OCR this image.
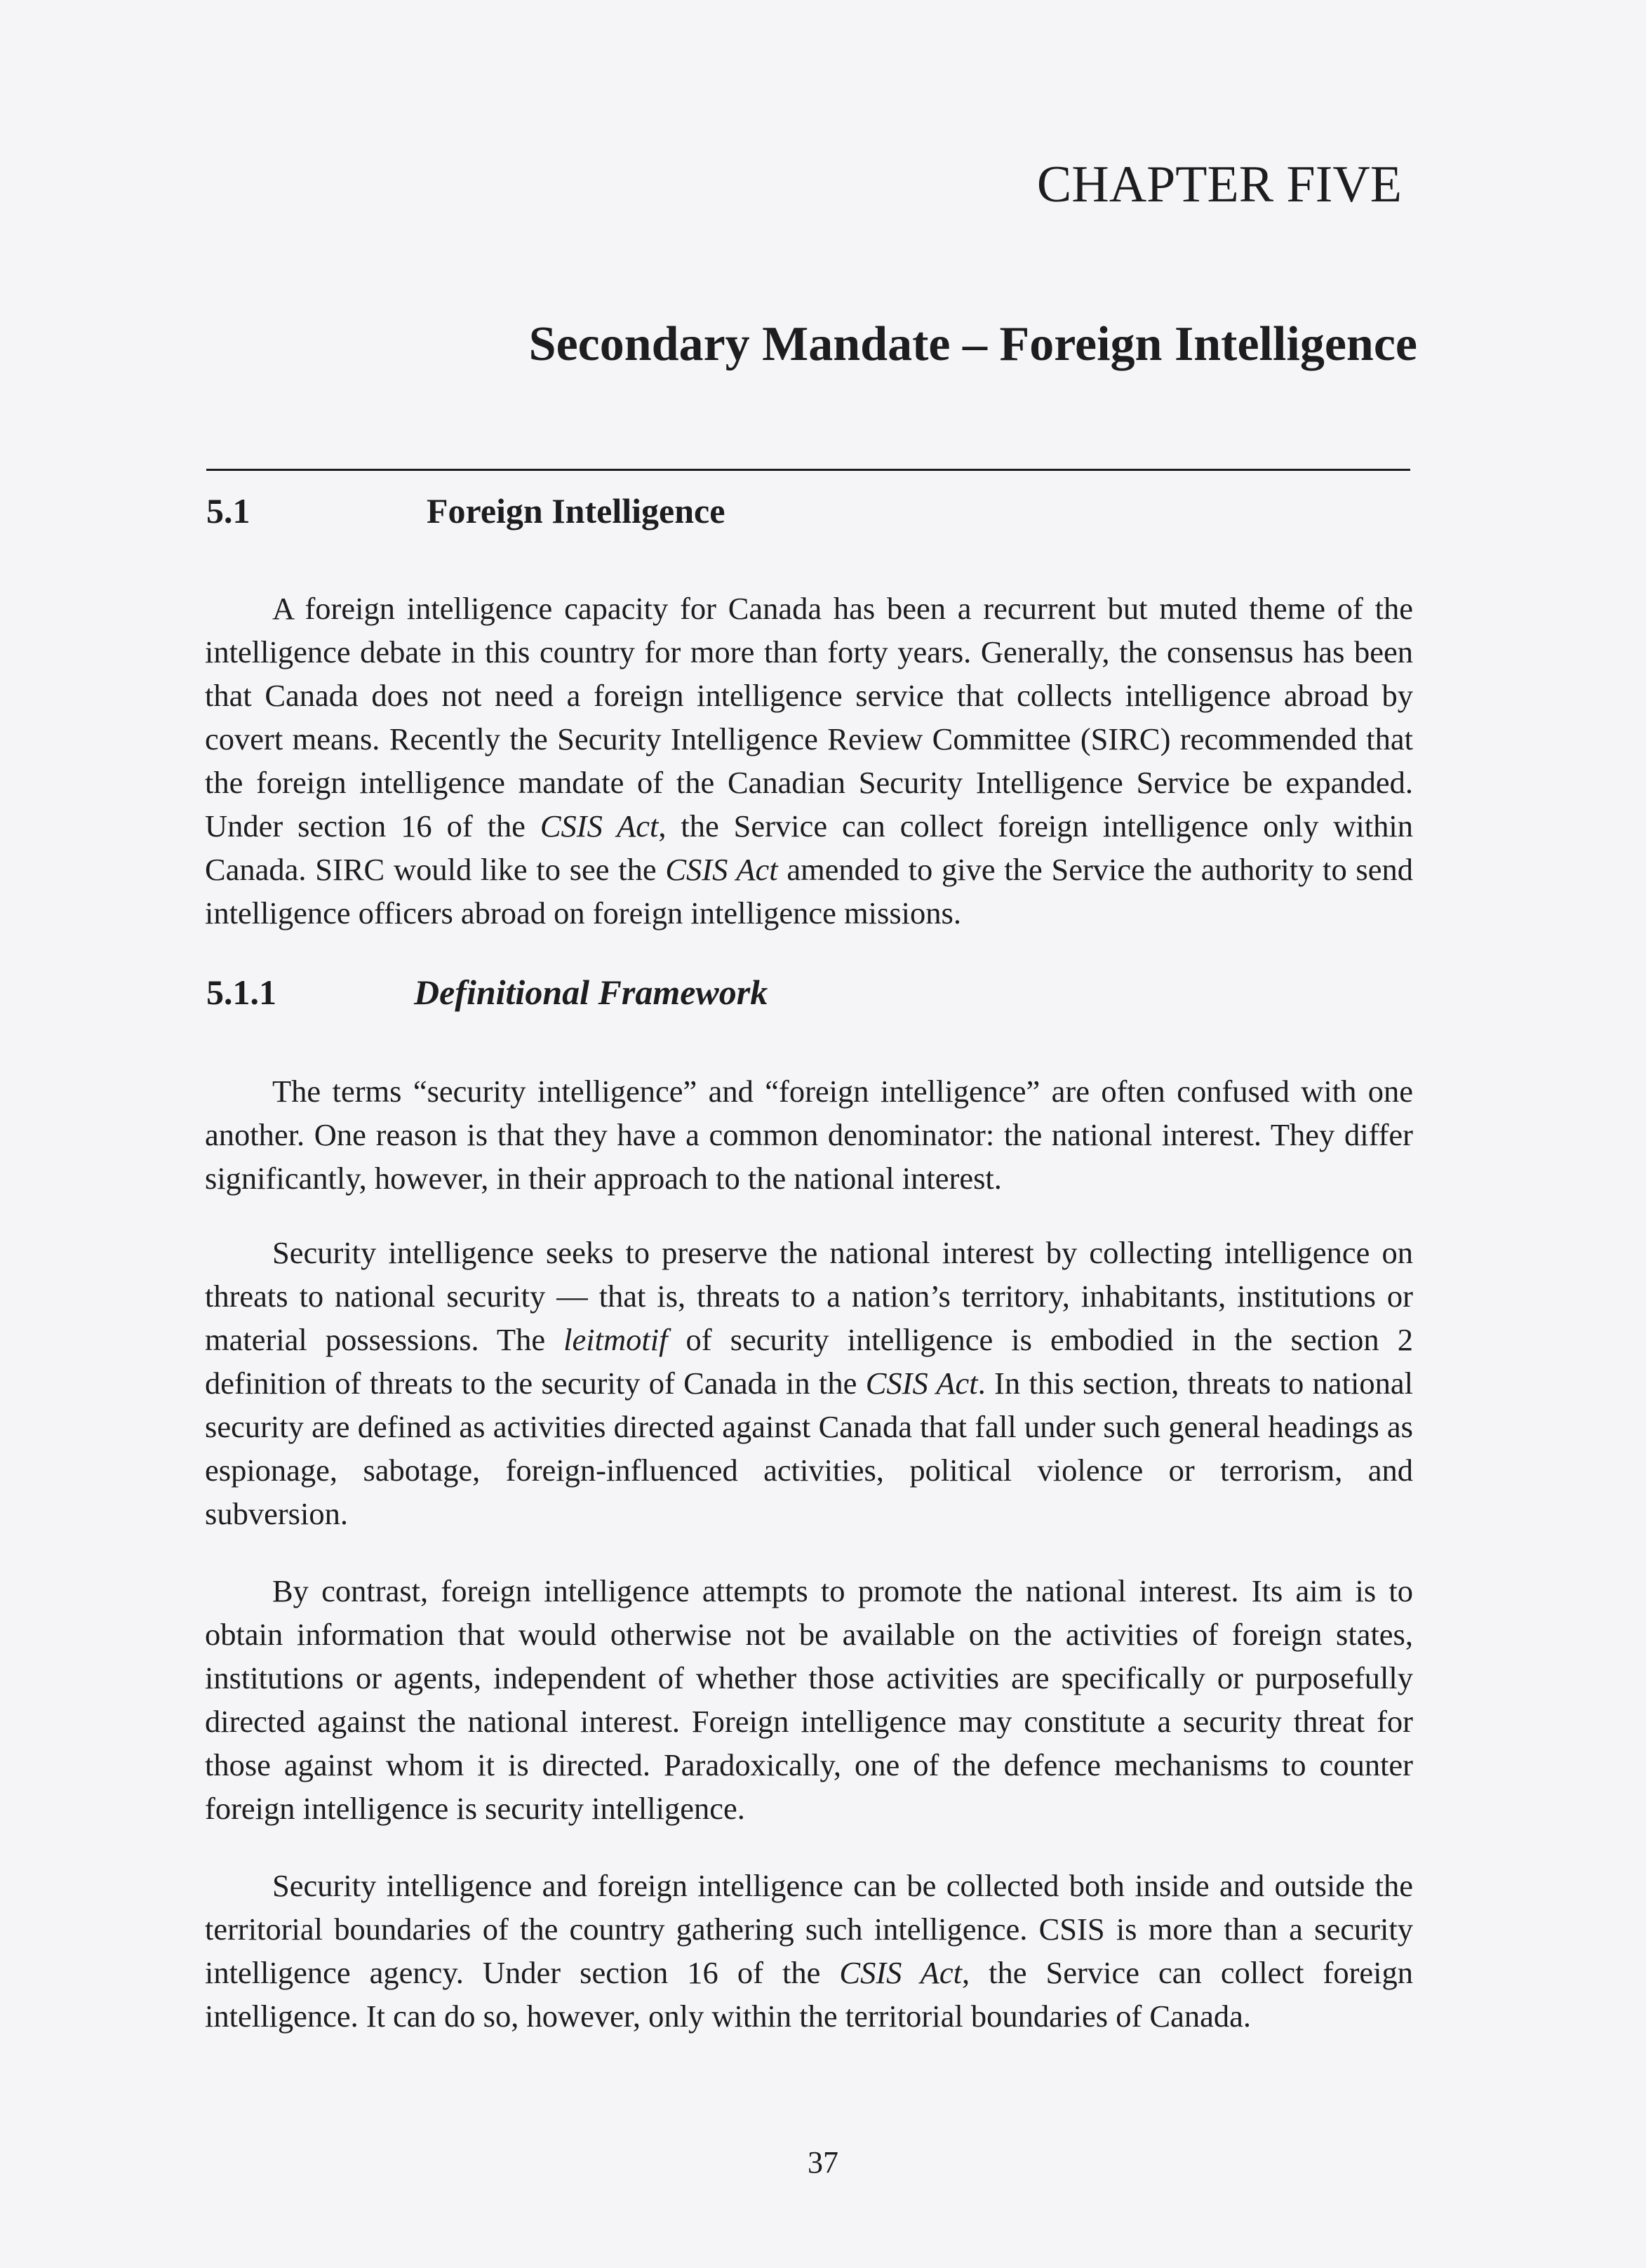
CHAPTER FIVE
Secondary Mandate – Foreign Intelligence
5.1	Foreign Intelligence

A foreign intelligence capacity for Canada has been a recurrent but muted theme of the intelligence debate in this country for more than forty years. Generally, the consensus has been that Canada does not need a foreign intelligence service that collects intelligence abroad by covert means. Recently the Security Intelligence Review Committee (SIRC) recommended that the foreign intelligence mandate of the Canadian Security Intelligence Service be expanded. Under section 16 of the CSIS Act, the Service can collect foreign intelligence only within Canada. SIRC would like to see the CSIS Act amended to give the Service the authority to send intelligence officers abroad on foreign intelligence missions.

5.1.1	Definitional Framework

The terms “security intelligence” and “foreign intelligence” are often confused with one another. One reason is that they have a common denominator: the national interest. They differ significantly, however, in their approach to the national interest.

Security intelligence seeks to preserve the national interest by collecting intelligence on threats to national security — that is, threats to a nation’s territory, inhabitants, institutions or material possessions. The leitmotif of security intelligence is embodied in the section 2 definition of threats to the security of Canada in the CSIS Act. In this section, threats to national security are defined as activities directed against Canada that fall under such general headings as espionage, sabotage, foreign-influenced activities, political violence or terrorism, and subversion.

By contrast, foreign intelligence attempts to promote the national interest. Its aim is to obtain information that would otherwise not be available on the activities of foreign states, institutions or agents, independent of whether those activities are specifically or purposefully directed against the national interest. Foreign intelligence may constitute a security threat for those against whom it is directed. Paradoxically, one of the defence mechanisms to counter foreign intelligence is security intelligence.

Security intelligence and foreign intelligence can be collected both inside and outside the territorial boundaries of the country gathering such intelligence. CSIS is more than a security intelligence agency. Under section 16 of the CSIS Act, the Service can collect foreign intelligence. It can do so, however, only within the territorial boundaries of Canada.

37
